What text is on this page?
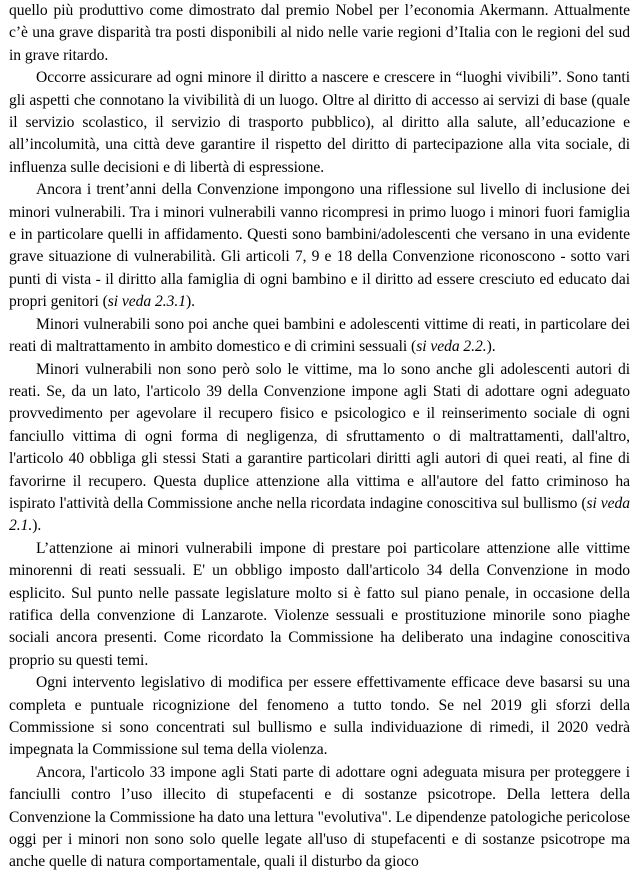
quello più produttivo come dimostrato dal premio Nobel per l’economia Akermann. Attualmente c’è una grave disparità tra posti disponibili al nido nelle varie regioni d’Italia con le regioni del sud in grave ritardo.

Occorre assicurare ad ogni minore il diritto a nascere e crescere in “luoghi vivibili”. Sono tanti gli aspetti che connotano la vivibilità di un luogo. Oltre al diritto di accesso ai servizi di base (quale il servizio scolastico, il servizio di trasporto pubblico), al diritto alla salute, all’educazione e all’incolumità, una città deve garantire il rispetto del diritto di partecipazione alla vita sociale, di influenza sulle decisioni e di libertà di espressione.

Ancora i trent’anni della Convenzione impongono una riflessione sul livello di inclusione dei minori vulnerabili. Tra i minori vulnerabili vanno ricompresi in primo luogo i minori fuori famiglia e in particolare quelli in affidamento. Questi sono bambini/adolescenti che versano in una evidente grave situazione di vulnerabilità. Gli articoli 7, 9 e 18 della Convenzione riconoscono - sotto vari punti di vista - il diritto alla famiglia di ogni bambino e il diritto ad essere cresciuto ed educato dai propri genitori (si veda 2.3.1).

Minori vulnerabili sono poi anche quei bambini e adolescenti vittime di reati, in particolare dei reati di maltrattamento in ambito domestico e di crimini sessuali (si veda 2.2.).

Minori vulnerabili non sono però solo le vittime, ma lo sono anche gli adolescenti autori di reati. Se, da un lato, l'articolo 39 della Convenzione impone agli Stati di adottare ogni adeguato provvedimento per agevolare il recupero fisico e psicologico e il reinserimento sociale di ogni fanciullo vittima di ogni forma di negligenza, di sfruttamento o di maltrattamenti, dall'altro, l'articolo 40 obbliga gli stessi Stati a garantire particolari diritti agli autori di quei reati, al fine di favorirne il recupero. Questa duplice attenzione alla vittima e all'autore del fatto criminoso ha ispirato l'attività della Commissione anche nella ricordata indagine conoscitiva sul bullismo (si veda 2.1.).

L’attenzione ai minori vulnerabili impone di prestare poi particolare attenzione alle vittime minorenni di reati sessuali. E' un obbligo imposto dall'articolo 34 della Convenzione in modo esplicito. Sul punto nelle passate legislature molto si è fatto sul piano penale, in occasione della ratifica della convenzione di Lanzarote. Violenze sessuali e prostituzione minorile sono piaghe sociali ancora presenti. Come ricordato la Commissione ha deliberato una indagine conoscitiva proprio su questi temi.

Ogni intervento legislativo di modifica per essere effettivamente efficace deve basarsi su una completa e puntuale ricognizione del fenomeno a tutto tondo. Se nel 2019 gli sforzi della Commissione si sono concentrati sul bullismo e sulla individuazione di rimedi, il 2020 vedrà impegnata la Commissione sul tema della violenza.

Ancora, l'articolo 33 impone agli Stati parte di adottare ogni adeguata misura per proteggere i fanciulli contro l’uso illecito di stupefacenti e di sostanze psicotrope. Della lettera della Convenzione la Commissione ha dato una lettura "evolutiva". Le dipendenze patologiche pericolose oggi per i minori non sono solo quelle legate all'uso di stupefacenti e di sostanze psicotrope ma anche quelle di natura comportamentale, quali il disturbo da gioco
